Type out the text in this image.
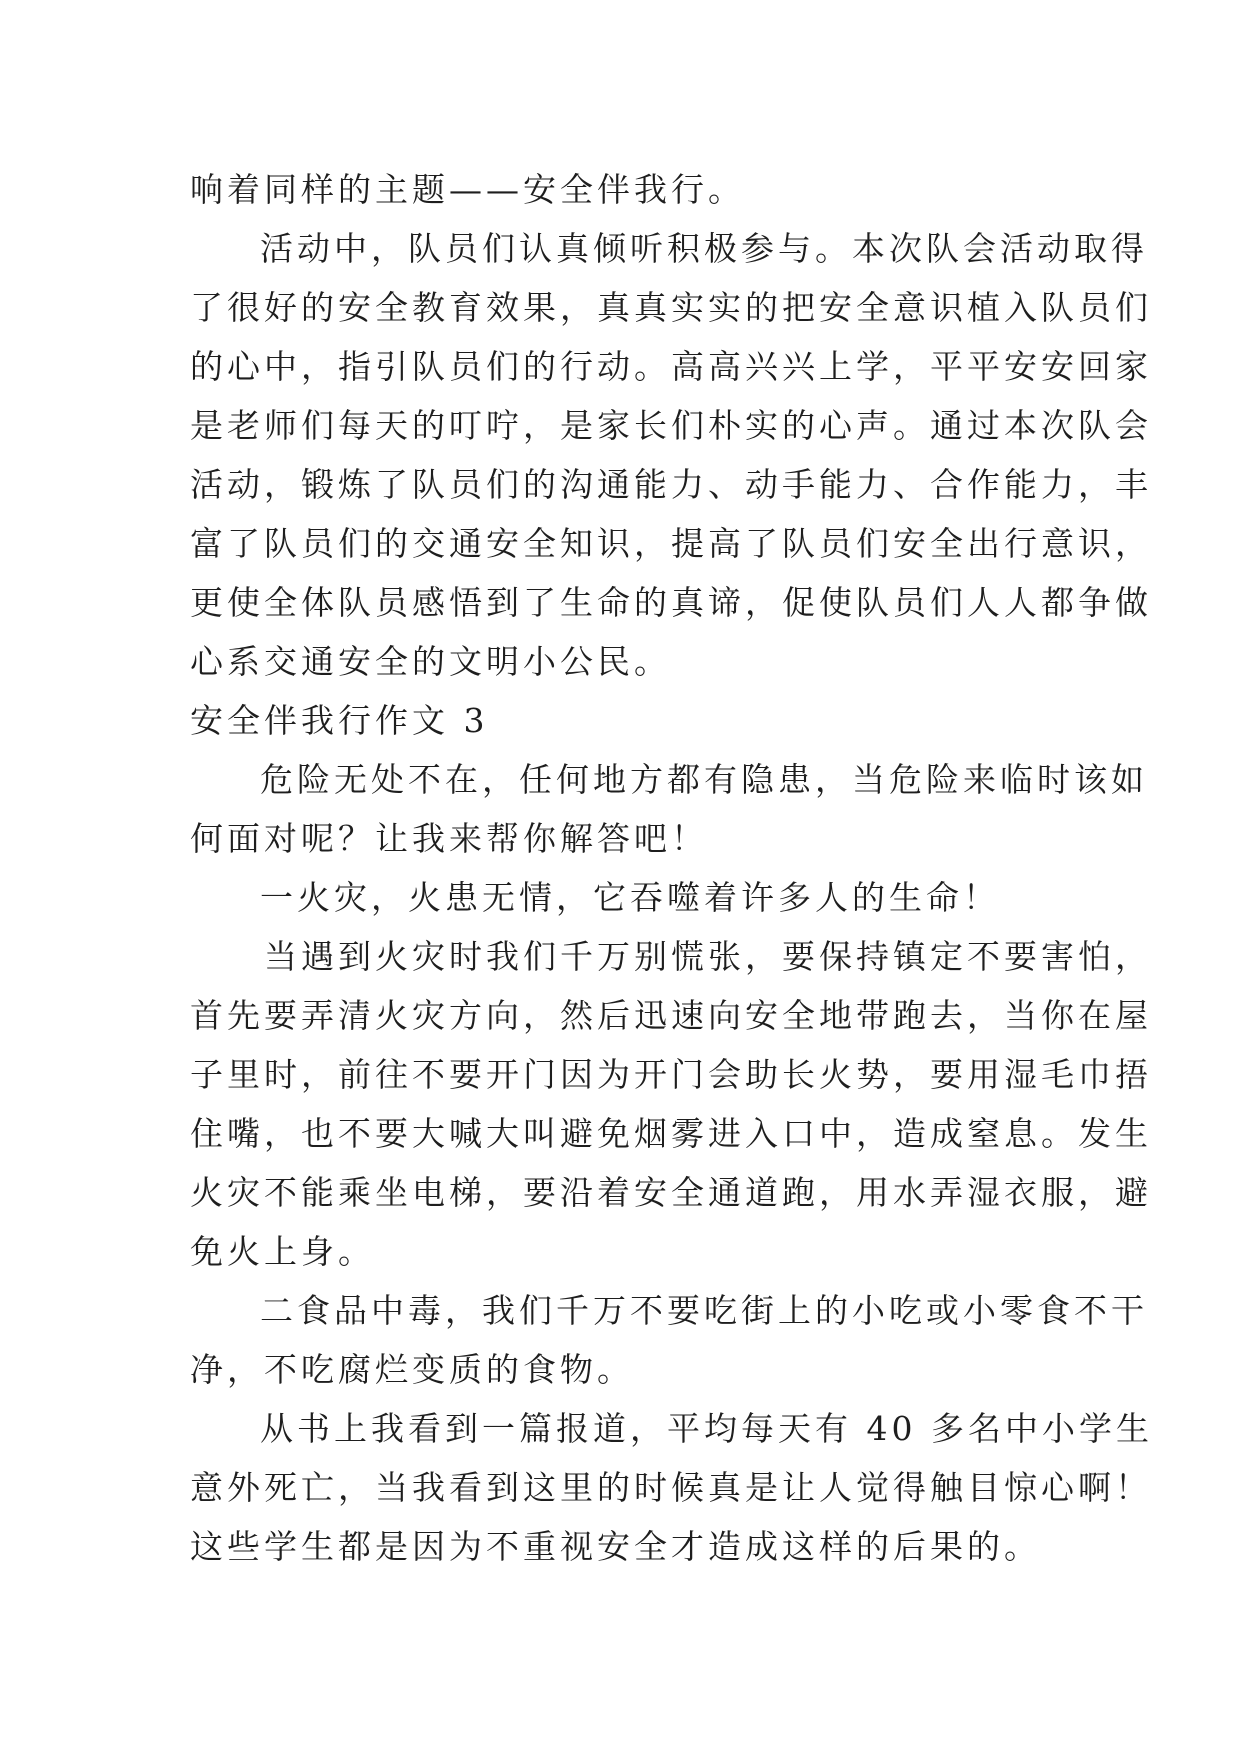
响着同样的主题——安全伴我行。
活动中，队员们认真倾听积极参与。本次队会活动取得
了很好的安全教育效果，真真实实的把安全意识植入队员们
的心中，指引队员们的行动。高高兴兴上学，平平安安回家
是老师们每天的叮咛，是家长们朴实的心声。通过本次队会
活动，锻炼了队员们的沟通能力、动手能力、合作能力，丰
富了队员们的交通安全知识，提高了队员们安全出行意识，
更使全体队员感悟到了生命的真谛，促使队员们人人都争做
心系交通安全的文明小公民。
安全伴我行作文 3
危险无处不在，任何地方都有隐患，当危险来临时该如
何面对呢？让我来帮你解答吧！
一火灾，火患无情，它吞噬着许多人的生命！
当遇到火灾时我们千万别慌张，要保持镇定不要害怕，
首先要弄清火灾方向，然后迅速向安全地带跑去，当你在屋
子里时，前往不要开门因为开门会助长火势，要用湿毛巾捂
住嘴，也不要大喊大叫避免烟雾进入口中，造成窒息。发生
火灾不能乘坐电梯，要沿着安全通道跑，用水弄湿衣服，避
免火上身。
二食品中毒，我们千万不要吃街上的小吃或小零食不干
净，不吃腐烂变质的食物。
从书上我看到一篇报道，平均每天有 40 多名中小学生
意外死亡，当我看到这里的时候真是让人觉得触目惊心啊！
这些学生都是因为不重视安全才造成这样的后果的。
